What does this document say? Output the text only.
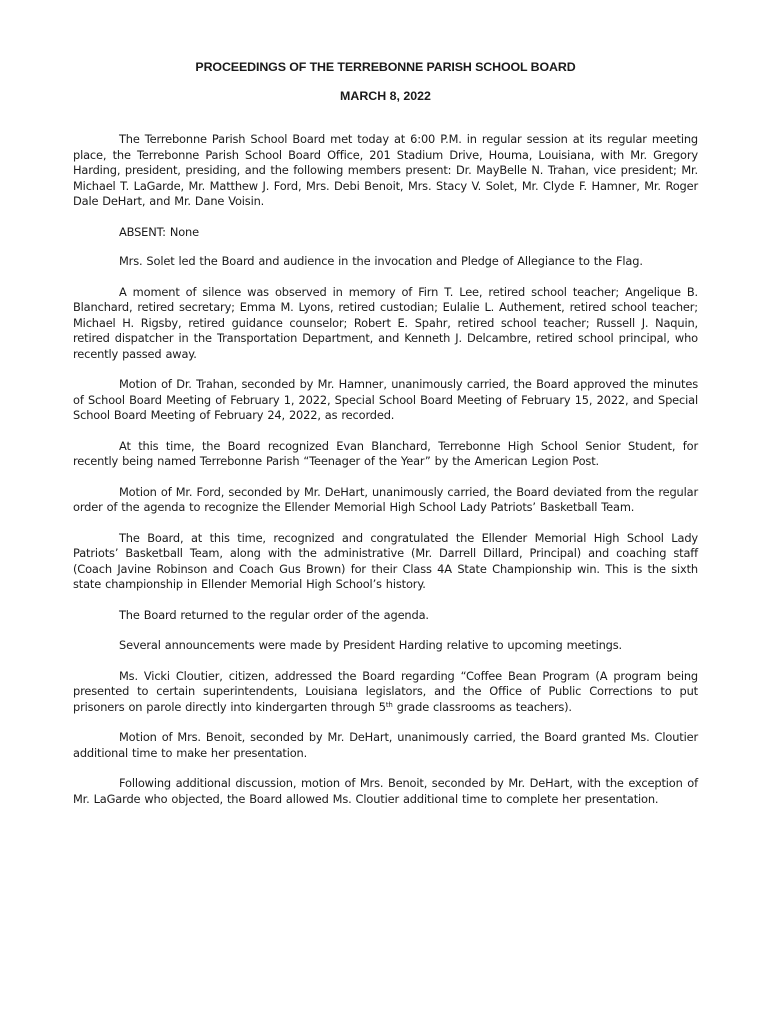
PROCEEDINGS OF THE TERREBONNE PARISH SCHOOL BOARD
MARCH 8, 2022

The Terrebonne Parish School Board met today at 6:00 P.M. in regular session at its regular meeting place, the Terrebonne Parish School Board Office, 201 Stadium Drive, Houma, Louisiana, with Mr. Gregory Harding, president, presiding, and the following members present: Dr. MayBelle N. Trahan, vice president; Mr. Michael T. LaGarde, Mr. Matthew J. Ford, Mrs. Debi Benoit, Mrs. Stacy V. Solet, Mr. Clyde F. Hamner, Mr. Roger Dale DeHart, and Mr. Dane Voisin.

ABSENT: None

Mrs. Solet led the Board and audience in the invocation and Pledge of Allegiance to the Flag.

A moment of silence was observed in memory of Firn T. Lee, retired school teacher; Angelique B. Blanchard, retired secretary; Emma M. Lyons, retired custodian; Eulalie L. Authement, retired school teacher; Michael H. Rigsby, retired guidance counselor; Robert E. Spahr, retired school teacher; Russell J. Naquin, retired dispatcher in the Transportation Department, and Kenneth J. Delcambre, retired school principal, who recently passed away.

Motion of Dr. Trahan, seconded by Mr. Hamner, unanimously carried, the Board approved the minutes of School Board Meeting of February 1, 2022, Special School Board Meeting of February 15, 2022, and Special School Board Meeting of February 24, 2022, as recorded.

At this time, the Board recognized Evan Blanchard, Terrebonne High School Senior Student, for recently being named Terrebonne Parish “Teenager of the Year” by the American Legion Post.

Motion of Mr. Ford, seconded by Mr. DeHart, unanimously carried, the Board deviated from the regular order of the agenda to recognize the Ellender Memorial High School Lady Patriots’ Basketball Team.

The Board, at this time, recognized and congratulated the Ellender Memorial High School Lady Patriots’ Basketball Team, along with the administrative (Mr. Darrell Dillard, Principal) and coaching staff (Coach Javine Robinson and Coach Gus Brown) for their Class 4A State Championship win. This is the sixth state championship in Ellender Memorial High School’s history.

The Board returned to the regular order of the agenda.

Several announcements were made by President Harding relative to upcoming meetings.

Ms. Vicki Cloutier, citizen, addressed the Board regarding “Coffee Bean Program (A program being presented to certain superintendents, Louisiana legislators, and the Office of Public Corrections to put prisoners on parole directly into kindergarten through 5th grade classrooms as teachers).

Motion of Mrs. Benoit, seconded by Mr. DeHart, unanimously carried, the Board granted Ms. Cloutier additional time to make her presentation.

Following additional discussion, motion of Mrs. Benoit, seconded by Mr. DeHart, with the exception of Mr. LaGarde who objected, the Board allowed Ms. Cloutier additional time to complete her presentation.
